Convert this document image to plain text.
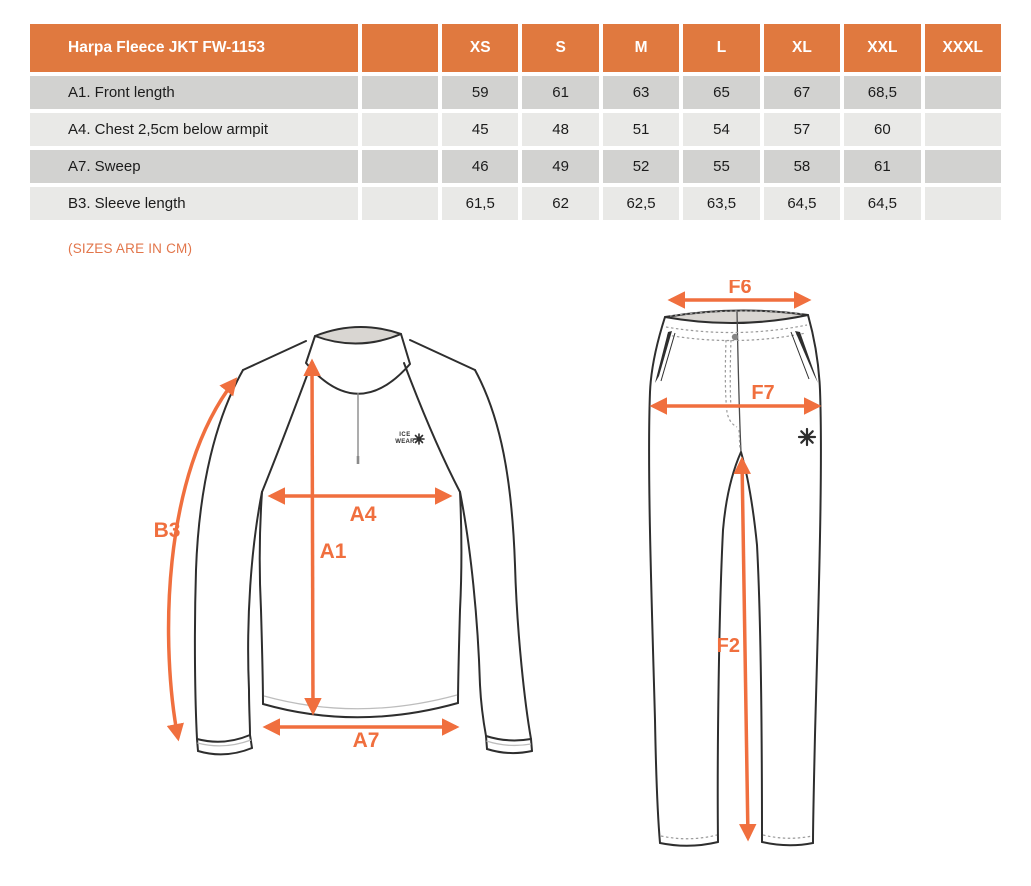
Harpa Fleece JKT FW-1153	XS	S	M	L	XL	XXL	XXXL
A1. Front length	59	61	63	65	67	68,5
A4. Chest 2,5cm below armpit	45	48	51	54	57	60
A7. Sweep	46	49	52	55	58	61
B3. Sleeve length	61,5	62	62,5	63,5	64,5	64,5
(SIZES ARE IN CM)
ICE
WEAR
B3
A1
A4
A7
F6
F7
F2
